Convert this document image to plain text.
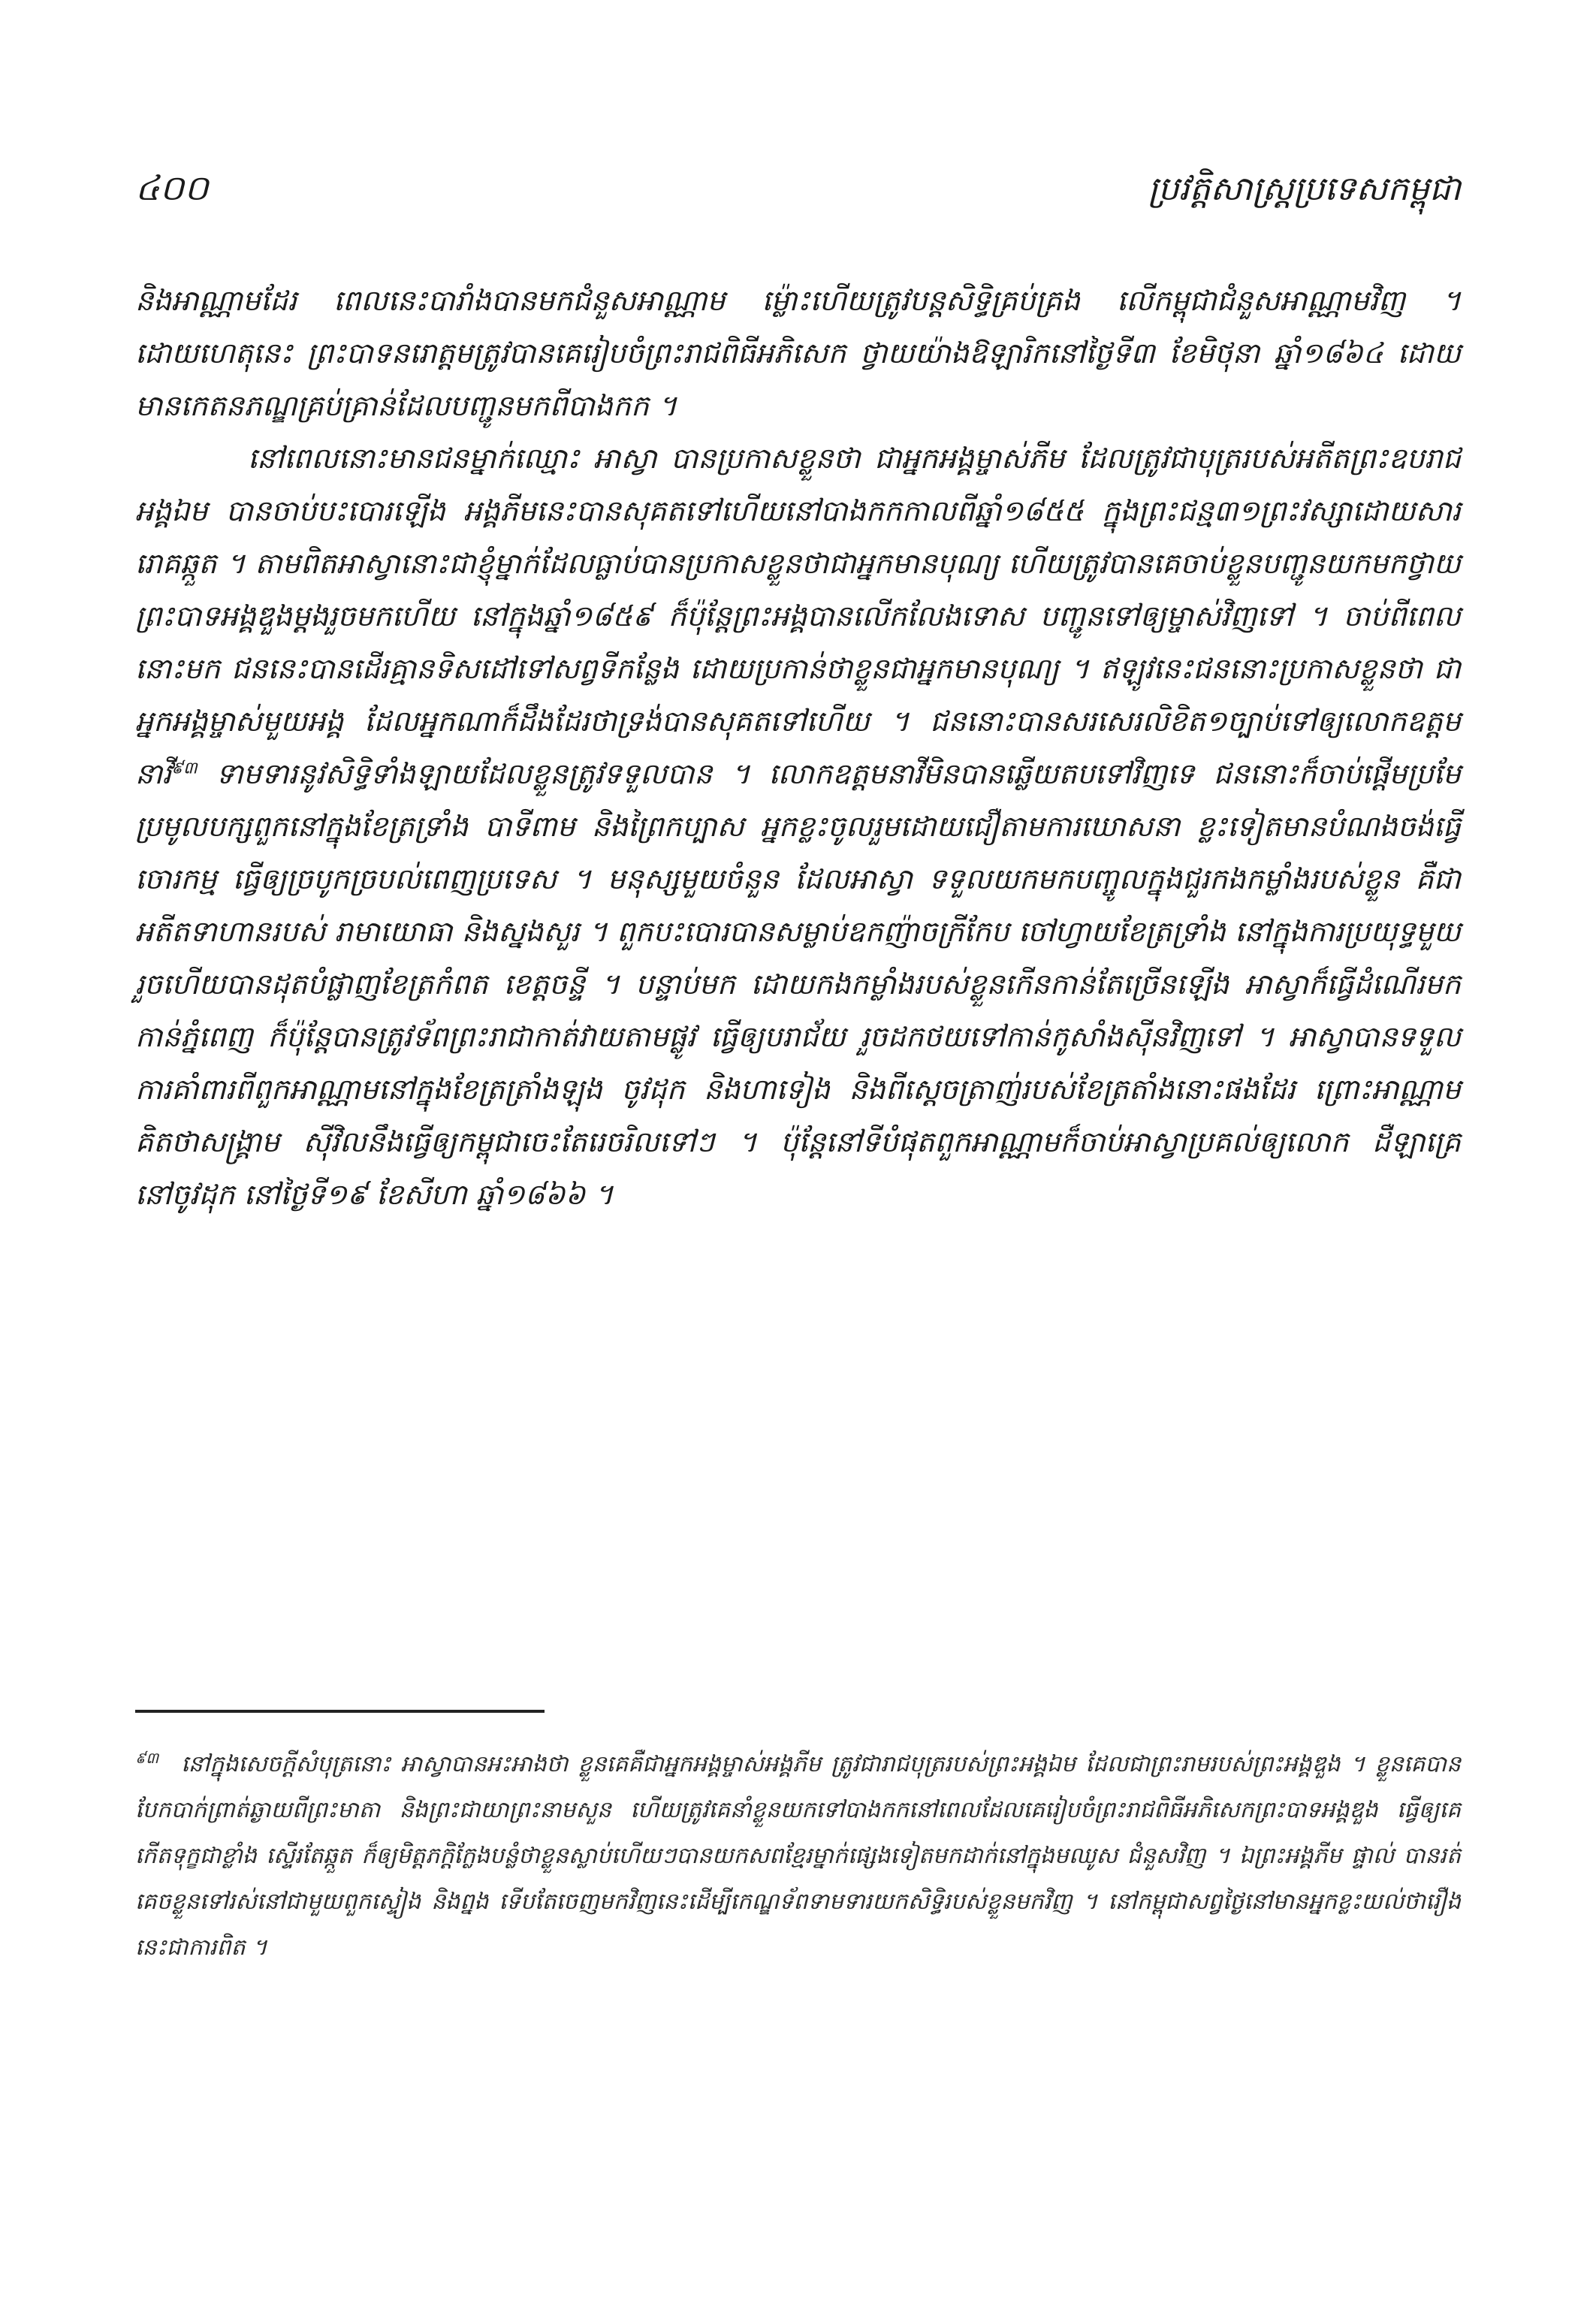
៤០០	ប្រវត្តិសាស្ត្រប្រទេសកម្ពុជា

និងអាណ្ណាមដែរ ពេលនេះបារាំងបានមកជំនួសអាណ្ណាម ម្ល៉ោះហើយត្រូវបន្តសិទ្ធិគ្រប់គ្រង លើកម្ពុជាជំនួសអាណ្ណាមវិញ ។ ដោយហេតុនេះ ព្រះបាទនរោត្តមត្រូវបានគេរៀបចំព្រះរាជពិធីអភិសេក ថ្វាយយ៉ាងឱឡារិកនៅថ្ងៃទី៣ ខែមិថុនា ឆ្នាំ១៨៦៤ ដោយមានកេតនភណ្ឌគ្រប់គ្រាន់ដែលបញ្ជូនមកពីបាងកក ។

នៅពេលនោះមានជនម្នាក់ឈ្មោះ អាស្វា បានប្រកាសខ្លួនថា ជាអ្នកអង្គម្ចាស់ភីម ដែលត្រូវជាបុត្ររបស់អតីតព្រះឧបរាជអង្គឯម បានចាប់បះបោរឡើង អង្គភីមនេះបានសុគតទៅហើយនៅបាងកកកាលពីឆ្នាំ១៨៥៥ ក្នុងព្រះជន្ម៣១ព្រះវស្សាដោយសាររោគឆ្កួត ។ តាមពិតអាស្វានោះជាខ្ញុំម្នាក់ដែលធ្លាប់បានប្រកាសខ្លួនថាជាអ្នកមានបុណ្យ ហើយត្រូវបានគេចាប់ខ្លួនបញ្ជូនយកមកថ្វាយព្រះបាទអង្គឌួងម្តងរួចមកហើយ នៅក្នុងឆ្នាំ១៨៥៩ ក៏ប៉ុន្តែព្រះអង្គបានលើកលែងទោស បញ្ជូនទៅឲ្យម្ចាស់វិញទៅ ។ ចាប់ពីពេលនោះមក ជននេះបានដើរគ្មានទិសដៅទៅសព្វទីកន្លែង ដោយប្រកាន់ថាខ្លួនជាអ្នកមានបុណ្យ ។ ឥឡូវនេះជននោះប្រកាសខ្លួនថា ជាអ្នកអង្គម្ចាស់មួយអង្គ ដែលអ្នកណាក៏ដឹងដែរថាទ្រង់បានសុគតទៅហើយ ។ ជននោះបានសរសេរលិខិត១ច្បាប់ទៅឲ្យលោកឧត្តមនាវី$^{៩៣}$ ទាមទារនូវសិទ្ធិទាំងឡាយដែលខ្លួនត្រូវទទួលបាន ។ លោកឧត្តមនាវីមិនបានឆ្លើយតបទៅវិញទេ ជននោះក៏ចាប់ផ្តើមប្រមែប្រមូលបក្សពួកនៅក្នុងខែត្រទ្រាំង បាទីពាម និងព្រៃកប្បាស អ្នកខ្លះចូលរួមដោយជឿតាមការឃោសនា ខ្លះទៀតមានបំណងចង់ធ្វើចោរកម្ម ធ្វើឲ្យច្របូកច្របល់ពេញប្រទេស ។ មនុស្សមួយចំនួន ដែលអាស្វា ទទួលយកមកបញ្ចូលក្នុងជួរកងកម្លាំងរបស់ខ្លួន គឺជាអតីតទាហានរបស់ រាមាយោធា និងស្នងសួរ ។ ពួកបះបោរបានសម្លាប់ឧកញ៉ាចក្រីកែប ចៅហ្វាយខែត្រទ្រាំង នៅក្នុងការប្រយុទ្ធមួយ រួចហើយបានដុតបំផ្លាញខែត្រកំពត ខេត្តចន្ទី ។ បន្ទាប់មក ដោយកងកម្លាំងរបស់ខ្លួនកើនកាន់តែច្រើនឡើង អាស្វាក៏ធ្វើដំណើរមកកាន់ភ្នំពេញ ក៏ប៉ុន្តែបានត្រូវទ័ពព្រះរាជាកាត់វាយតាមផ្លូវ ធ្វើឲ្យបរាជ័យ រួចដកថយទៅកាន់កូសាំងស៊ីនវិញទៅ ។ អាស្វាបានទទួលការគាំពារពីពួកអាណ្ណាមនៅក្នុងខែត្រត្រាំងឡុង ចូវដុក និងហាទៀង និងពីស្តេចត្រាញ់របស់ខែត្រតាំងនោះផងដែរ ព្រោះអាណ្ណាមគិតថាសង្គ្រាម ស៊ីវិលនឹងធ្វើឲ្យកម្ពុជាចេះតែរេចរិលទៅៗ ។ ប៉ុន្តែនៅទីបំផុតពួកអាណ្ណាមក៏ចាប់អាស្វាប្រគល់ឲ្យលោក ដឺឡាគ្រេ នៅចូវដុក នៅថ្ងៃទី១៩ ខែសីហា ឆ្នាំ១៨៦៦ ។

$^{៩៣}$ នៅក្នុងសេចក្តីសំបុត្រនោះ អាស្វាបានអះអាងថា ខ្លួនគេគឺជាអ្នកអង្គម្ចាស់អង្គភីម ត្រូវជារាជបុត្ររបស់ព្រះអង្គឯម ដែលជាព្រះរាមរបស់ព្រះអង្គឌួង ។ ខ្លួនគេបានបែកបាក់ព្រាត់ឆ្ងាយពីព្រះមាតា និងព្រះជាយាព្រះនាមសួន ហើយត្រូវគេនាំខ្លួនយកទៅបាងកកនៅពេលដែលគេរៀបចំព្រះរាជពិធីអភិសេកព្រះបាទអង្គឌួង ធ្វើឲ្យគេកើតទុក្ខជាខ្លាំង ស្ទើរតែឆ្កួត ក៏ឲ្យមិត្តភក្តិក្លែងបន្លំថាខ្លួនស្លាប់ហើយៗបានយកសពខ្មែរម្នាក់ផ្សេងទៀតមកដាក់នៅក្នុងមឈូស ជំនួសវិញ ។ ឯព្រះអង្គភីម ផ្ទាល់ បានរត់គេចខ្លួនទៅរស់នៅជាមួយពួកស្ទៀង និងព្នង ទើបតែចេញមកវិញនេះដើម្បីកេណ្ឌទ័ពទាមទារយកសិទ្ធិរបស់ខ្លួនមកវិញ ។ នៅកម្ពុជាសព្វថ្ងៃនៅមានអ្នកខ្លះយល់ថារឿងនេះជាការពិត ។
